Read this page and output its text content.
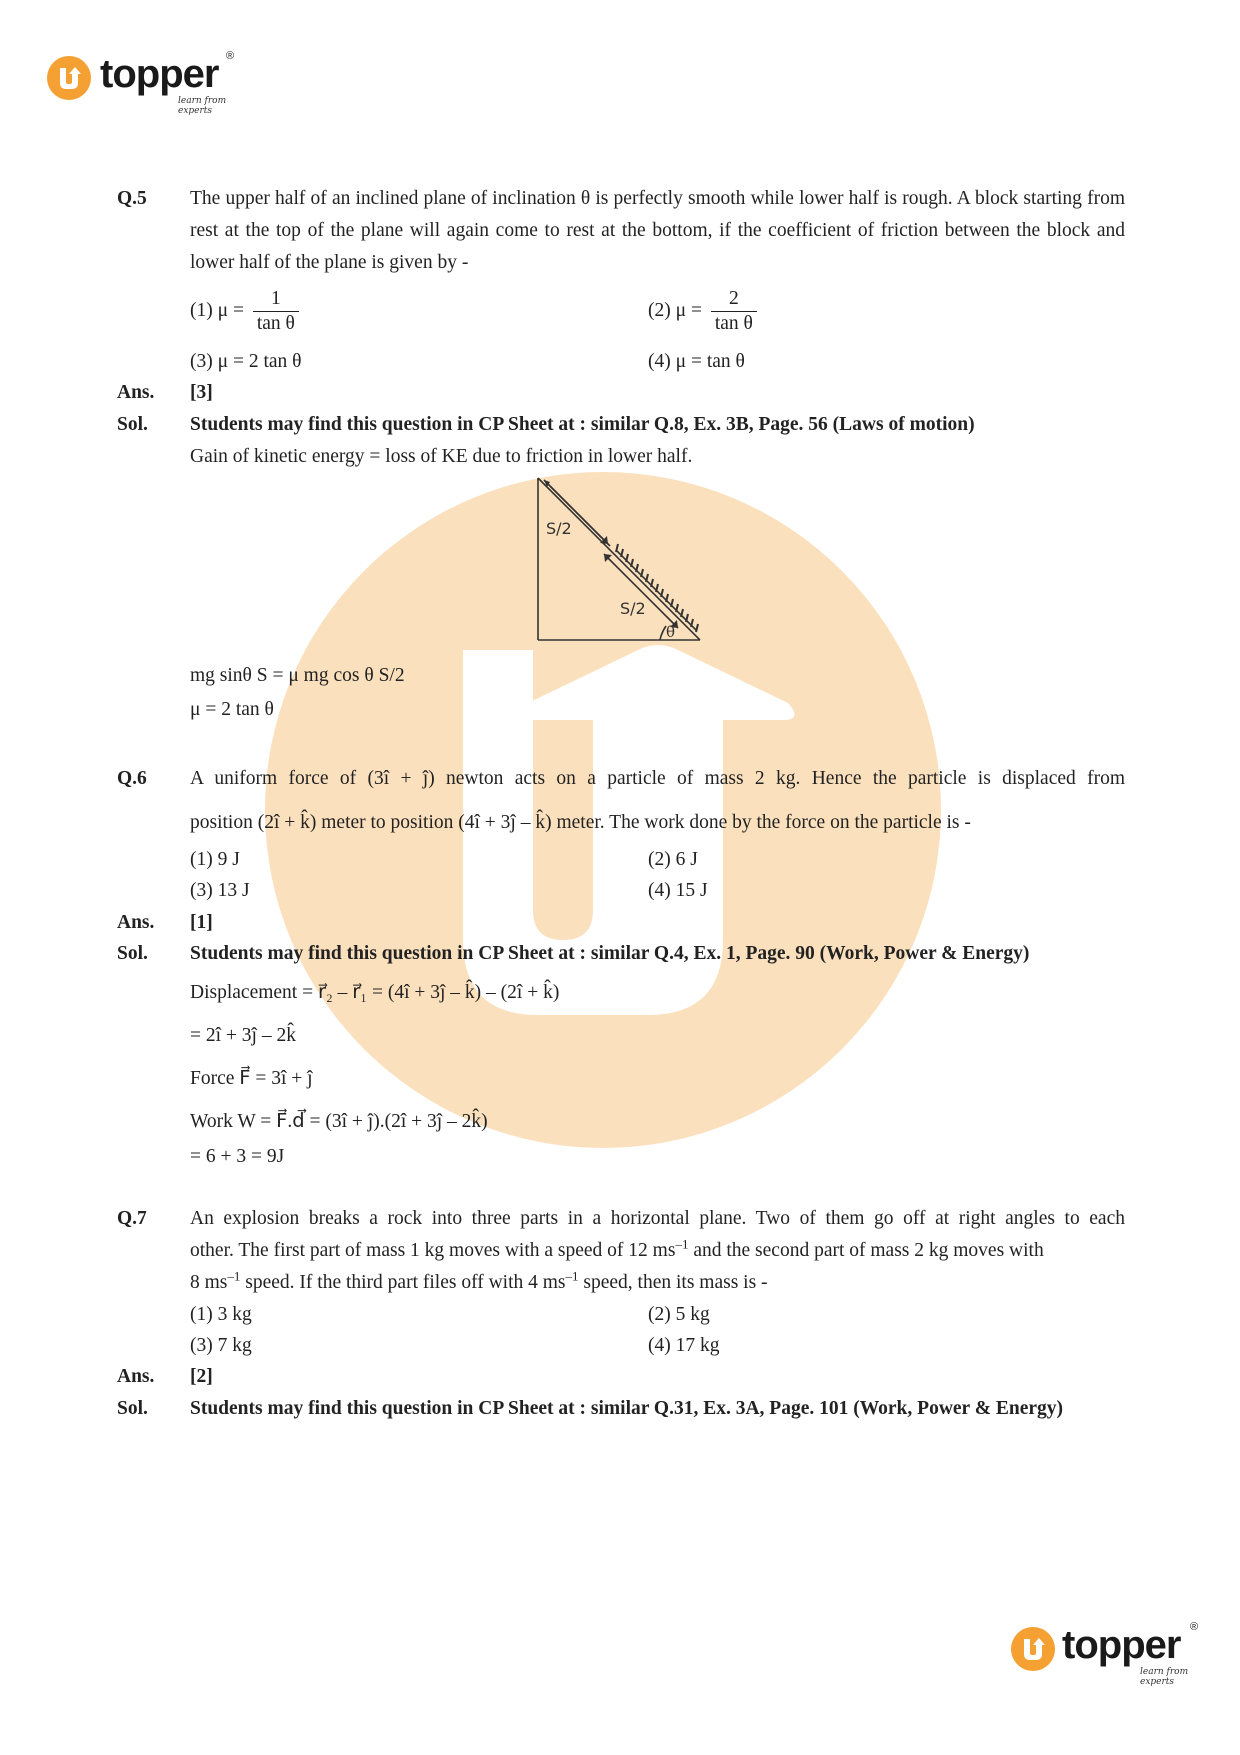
topper ®
learn from experts
Q.5 The upper half of an inclined plane of inclination θ is perfectly smooth while lower half is rough. A block starting from rest at the top of the plane will again come to rest at the bottom, if the coefficient of friction between the block and lower half of the plane is given by -
(1) $\mu = \frac{1}{\text{tan θ}}$	(2) $\mu = \frac{2}{\text{tan θ}}$
(3) μ = 2 tan θ	(4) μ = tan θ
Ans. [3]
Sol. Students may find this question in CP Sheet at : similar Q.8, Ex. 3B, Page. 56 (Laws of motion)
Gain of kinetic energy = loss of KE due to friction in lower half.
S/2
S/2
θ
mg sinθ S = μ mg cos θ S/2
μ = 2 tan θ
Q.6 A uniform force of (3î + ĵ) newton acts on a particle of mass 2 kg. Hence the particle is displaced from
position (2î + k̂) meter to position (4î + 3ĵ – k̂) meter. The work done by the force on the particle is -
(1) 9 J	(2) 6 J
(3) 13 J	(4) 15 J
Ans. [1]
Sol. Students may find this question in CP Sheet at : similar Q.4, Ex. 1, Page. 90 (Work, Power & Energy)
Displacement = r⃗₂ – r⃗₁ = (4î + 3ĵ – k̂) – (2î + k̂)
= 2î + 3ĵ – 2k̂
Force F⃗ = 3î + ĵ
Work W = F⃗.d⃗ = (3î + ĵ).(2î + 3ĵ – 2k̂)
= 6 + 3 = 9J
Q.7 An explosion breaks a rock into three parts in a horizontal plane. Two of them go off at right angles to each
other. The first part of mass 1 kg moves with a speed of 12 $ms^{-1}$ and the second part of mass 2 kg moves with
8 $ms^{-1}$ speed. If the third part files off with 4 $ms^{-1}$ speed, then its mass is -
(1) 3 kg	(2) 5 kg
(3) 7 kg	(4) 17 kg
Ans. [2]
Sol. Students may find this question in CP Sheet at : similar Q.31, Ex. 3A, Page. 101 (Work, Power & Energy)
topper ®
learn from experts
